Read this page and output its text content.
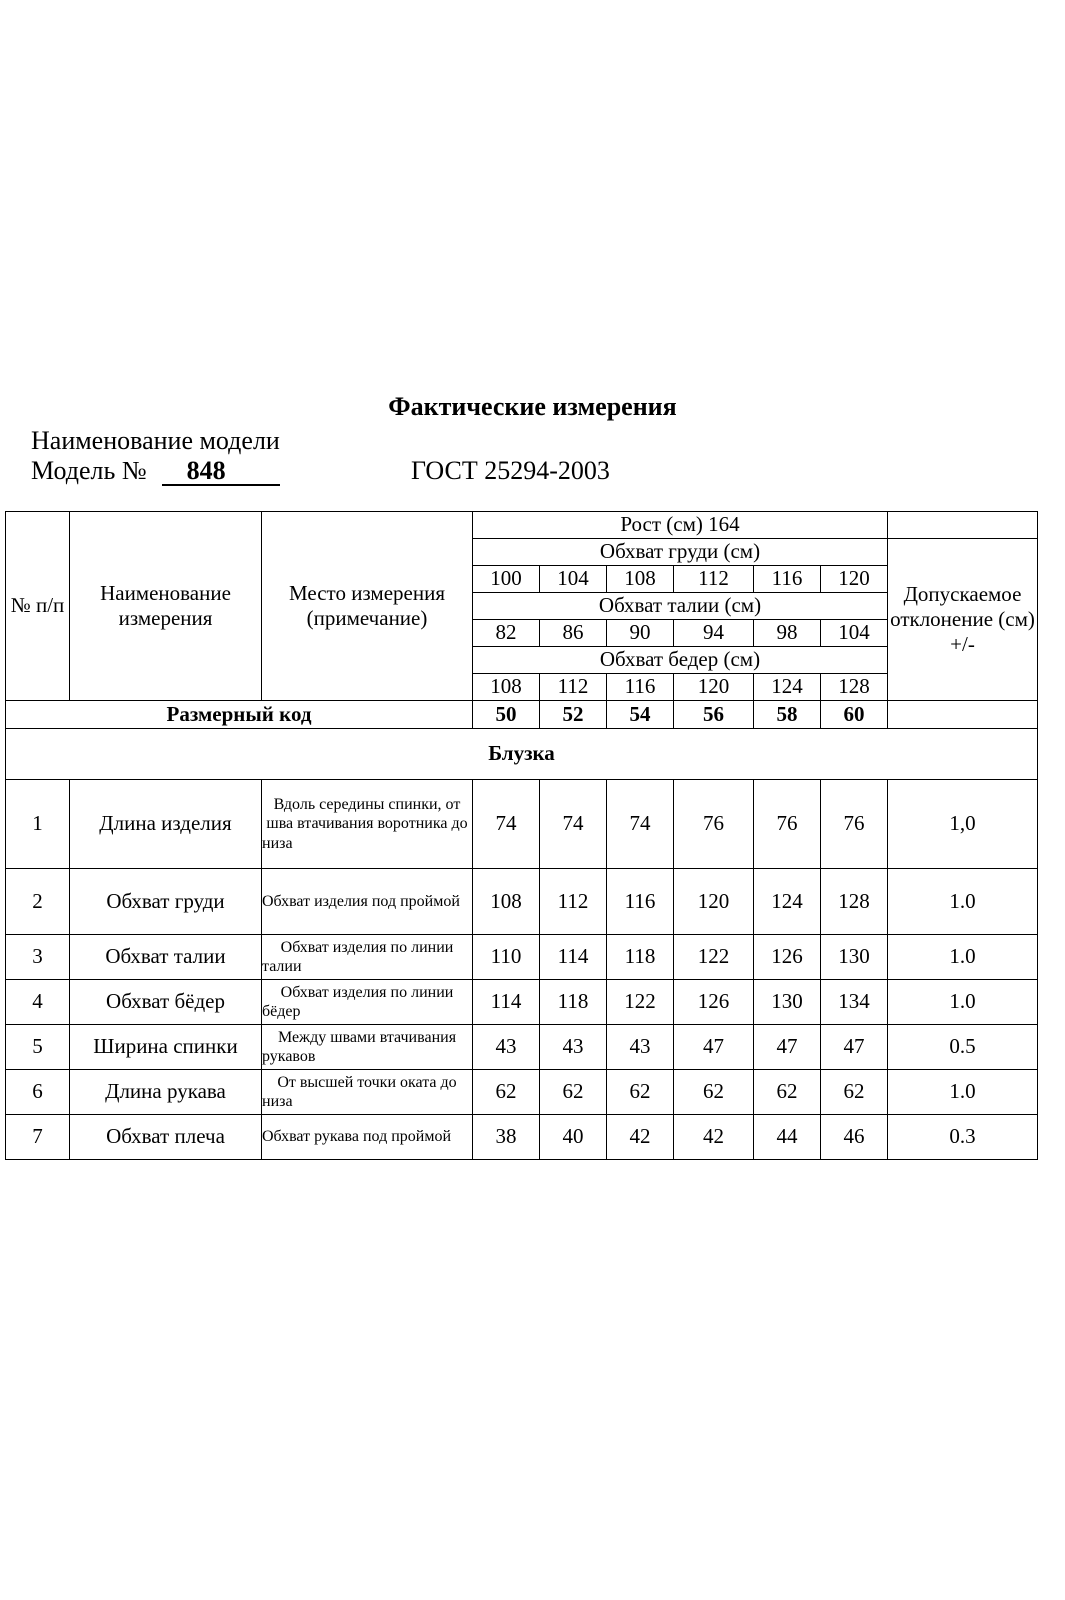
Фактические измерения
Наименование модели
Модель № 848	ГОСТ 25294-2003
№ п/п	Наименование измерения	Место измерения (примечание)	Рост (см) 164						
			Обхват груди (см)						Допускаемое отклонение (см) +/-
			100	104	108	112	116	120	
			Обхват талии (см)						
			82	86	90	94	98	104	
			Обхват бедер (см)						
			108	112	116	120	124	128	
Размерный код			50	52	54	56	58	60	
Блузка									
1	Длина изделия	Вдоль середины спинки, от шва втачивания воротника до низа	74	74	74	76	76	76	1,0
2	Обхват груди	Обхват изделия под проймой	108	112	116	120	124	128	1.0
3	Обхват талии	Обхват изделия по линии талии	110	114	118	122	126	130	1.0
4	Обхват бёдер	Обхват изделия по линии бёдер	114	118	122	126	130	134	1.0
5	Ширина спинки	Между швами втачивания рукавов	43	43	43	47	47	47	0.5
6	Длина рукава	От высшей точки оката до низа	62	62	62	62	62	62	1.0
7	Обхват плеча	Обхват рукава под проймой	38	40	42	42	44	46	0.3
